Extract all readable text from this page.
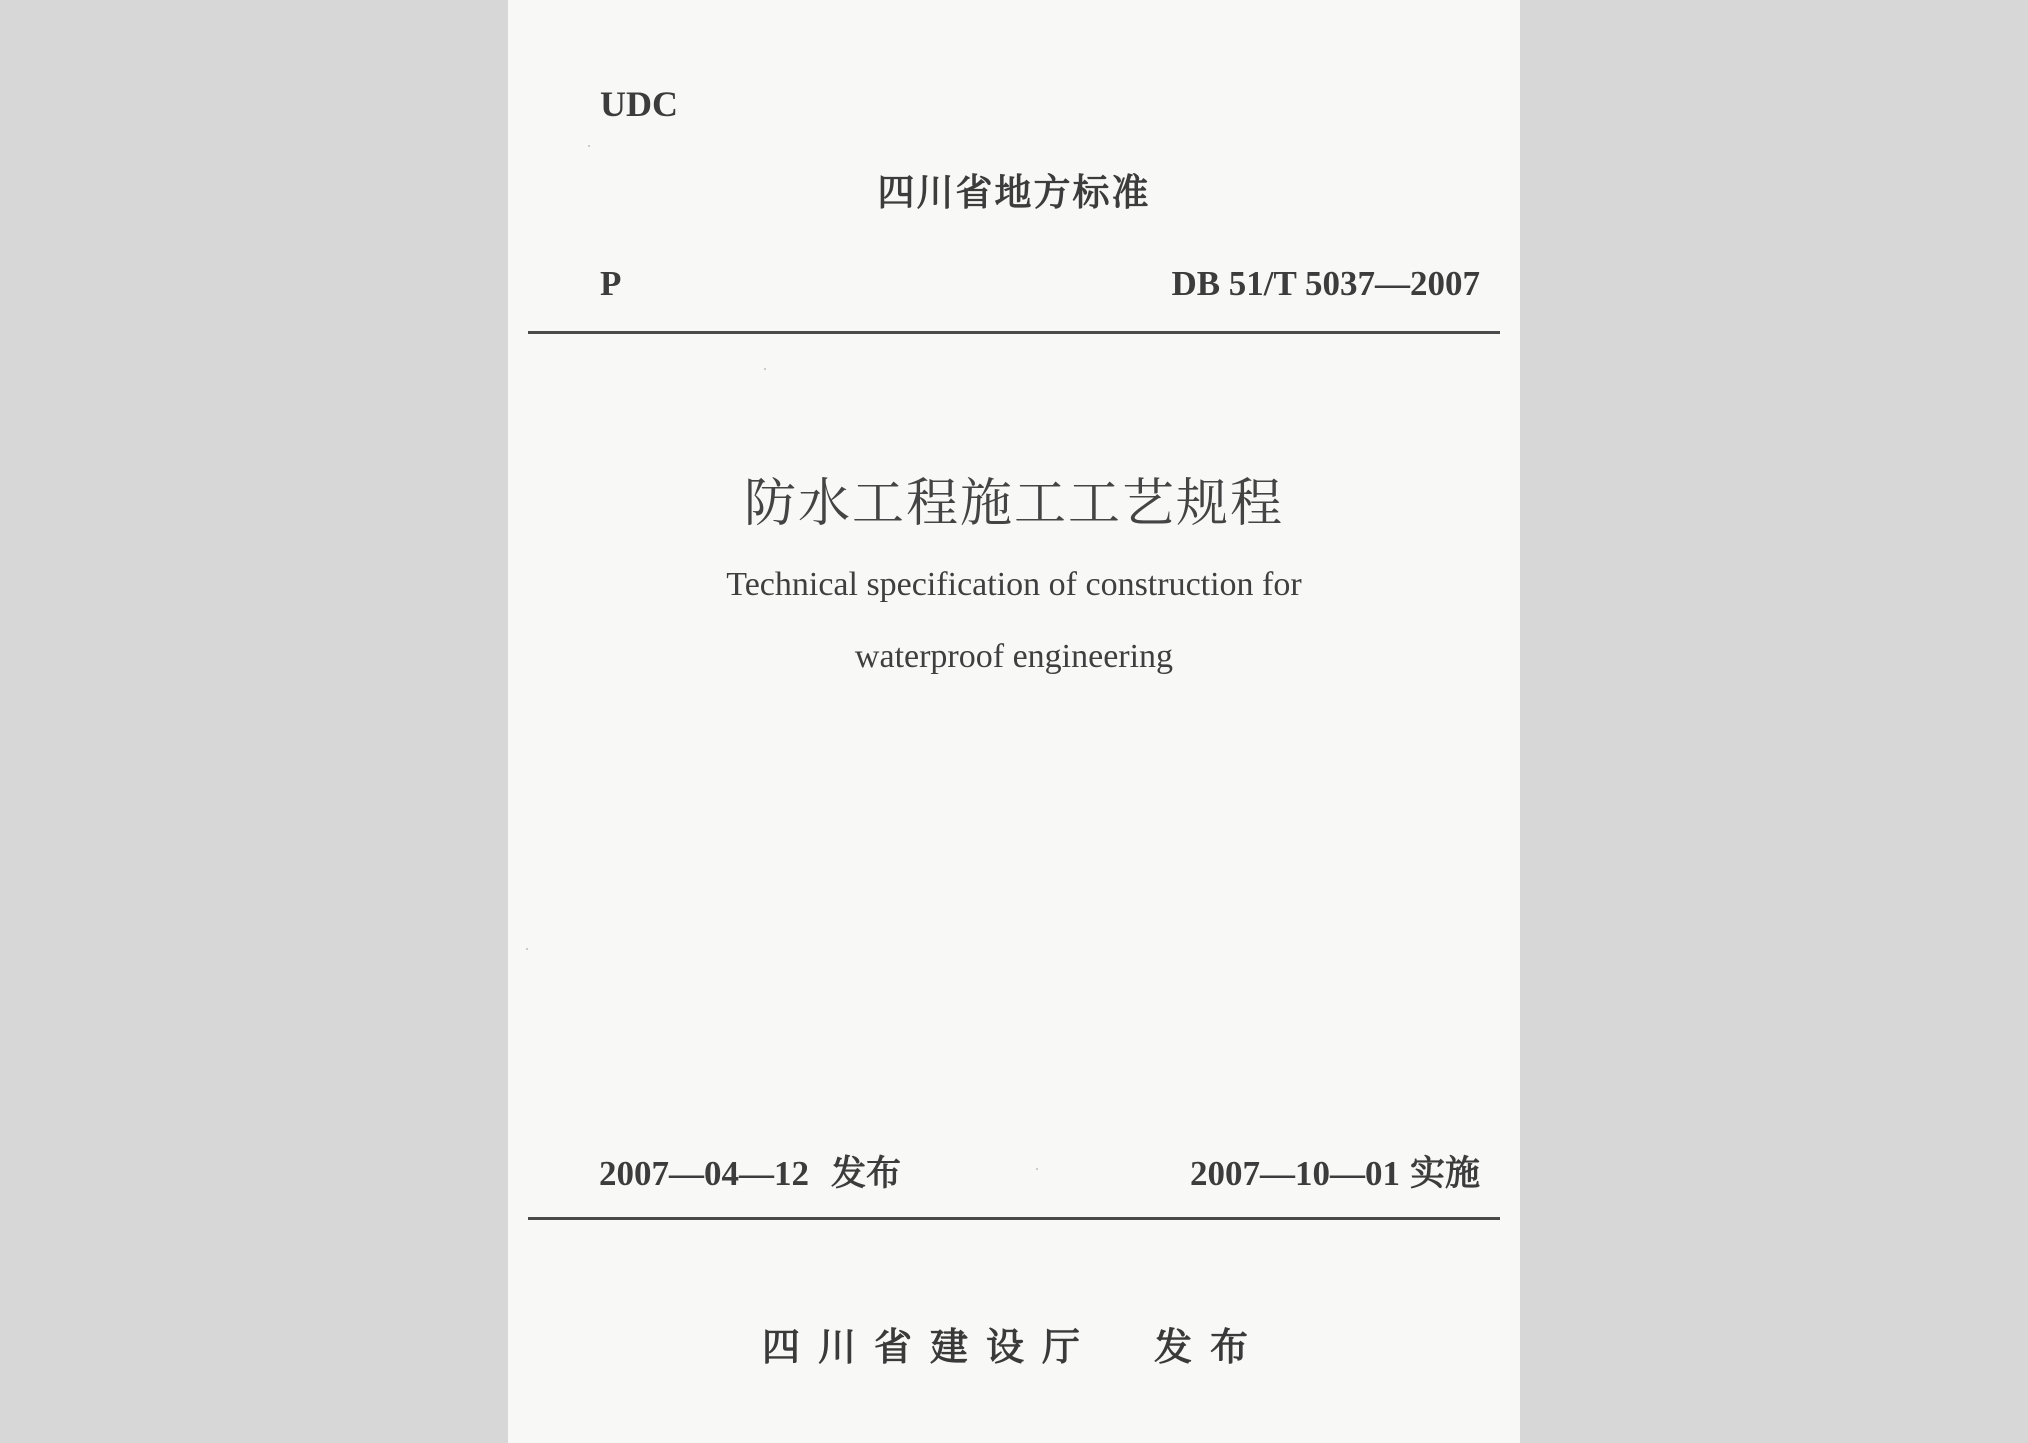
UDC
四川省地方标准
P	DB 51/T 5037—2007
防水工程施工工艺规程
Technical specification of construction for
waterproof engineering
2007—04—12 发布	2007—10—01 实施
四川省建设厅　发布
